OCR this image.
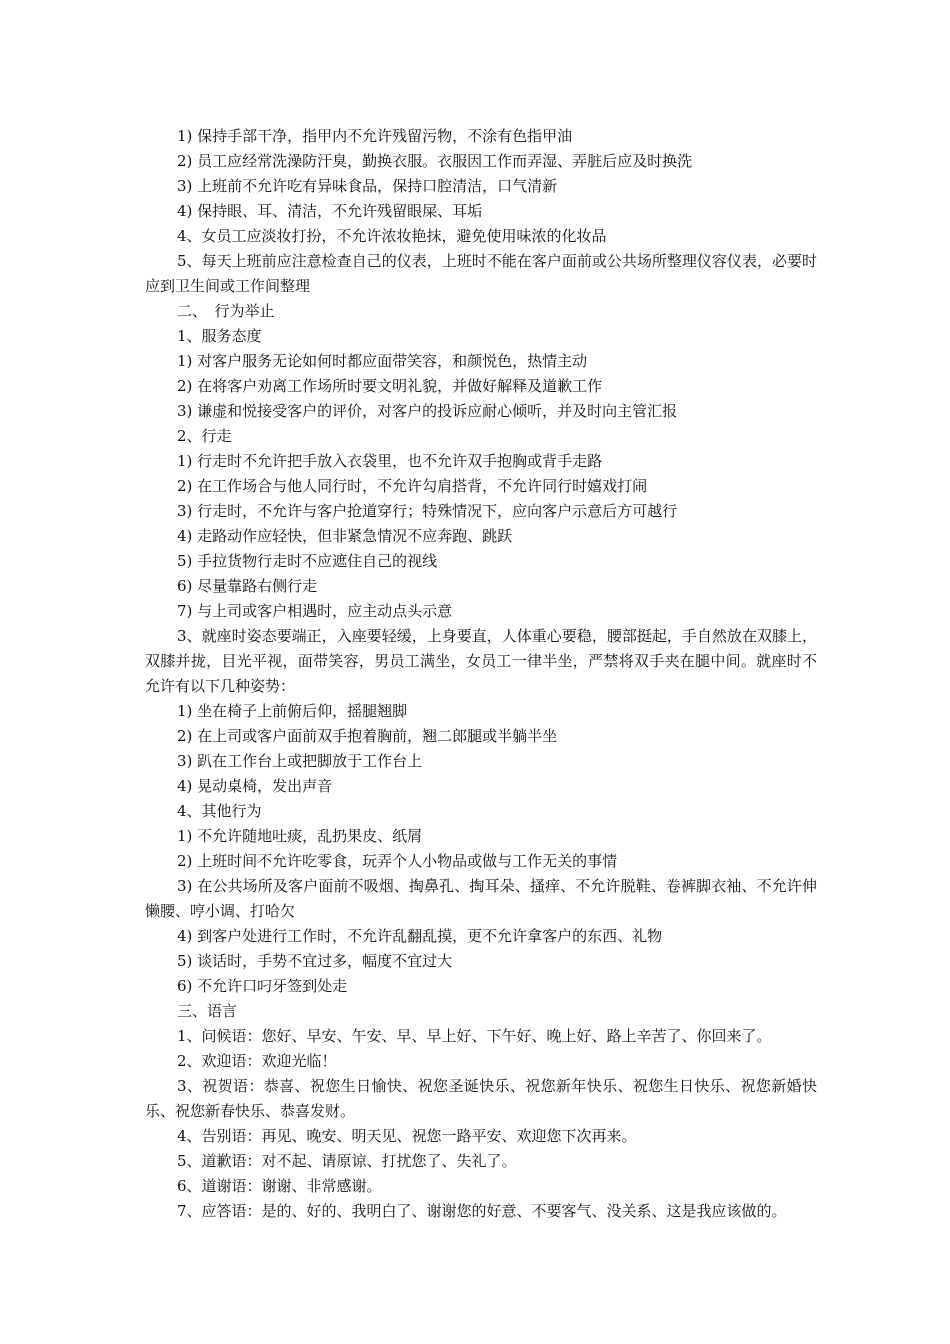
1) 保持手部干净，指甲内不允许残留污物，不涂有色指甲油

2) 员工应经常洗澡防汗臭，勤换衣服。衣服因工作而弄湿、弄脏后应及时换洗

3) 上班前不允许吃有异味食品，保持口腔清洁，口气清新

4) 保持眼、耳、清洁，不允许残留眼屎、耳垢

4、女员工应淡妆打扮，不允许浓妆艳抹，避免使用味浓的化妆品

5、每天上班前应注意检查自己的仪表，上班时不能在客户面前或公共场所整理仪容仪表，必要时应到卫生间或工作间整理

二、　行为举止

1、服务态度

1) 对客户服务无论如何时都应面带笑容，和颜悦色，热情主动

2) 在将客户劝离工作场所时要文明礼貌，并做好解释及道歉工作

3) 谦虚和悦接受客户的评价，对客户的投诉应耐心倾听，并及时向主管汇报

2、行走

1) 行走时不允许把手放入衣袋里，也不允许双手抱胸或背手走路

2) 在工作场合与他人同行时，不允许勾肩搭背，不允许同行时嬉戏打闹

3) 行走时，不允许与客户抢道穿行；特殊情况下，应向客户示意后方可越行

4) 走路动作应轻快，但非紧急情况不应奔跑、跳跃

5) 手拉货物行走时不应遮住自己的视线

6) 尽量靠路右侧行走

7) 与上司或客户相遇时，应主动点头示意

3、就座时姿态要端正，入座要轻缓，上身要直，人体重心要稳，腰部挺起，手自然放在双膝上，双膝并拢，目光平视，面带笑容，男员工满坐，女员工一律半坐，严禁将双手夹在腿中间。就座时不允许有以下几种姿势：

1) 坐在椅子上前俯后仰，摇腿翘脚

2) 在上司或客户面前双手抱着胸前，翘二郎腿或半躺半坐

3) 趴在工作台上或把脚放于工作台上

4) 晃动桌椅，发出声音

4、其他行为

1) 不允许随地吐痰，乱扔果皮、纸屑

2) 上班时间不允许吃零食，玩弄个人小物品或做与工作无关的事情

3) 在公共场所及客户面前不吸烟、掏鼻孔、掏耳朵、搔痒、不允许脱鞋、卷裤脚衣袖、不允许伸懒腰、哼小调、打哈欠

4) 到客户处进行工作时，不允许乱翻乱摸，更不允许拿客户的东西、礼物

5) 谈话时，手势不宜过多，幅度不宜过大

6) 不允许口叼牙签到处走

三、语言

1、问候语：您好、早安、午安、早、早上好、下午好、晚上好、路上辛苦了、你回来了。

2、欢迎语：欢迎光临！

3、祝贺语：恭喜、祝您生日愉快、祝您圣诞快乐、祝您新年快乐、祝您生日快乐、祝您新婚快乐、祝您新春快乐、恭喜发财。

4、告别语：再见、晚安、明天见、祝您一路平安、欢迎您下次再来。

5、道歉语：对不起、请原谅、打扰您了、失礼了。

6、道谢语：谢谢、非常感谢。

7、应答语：是的、好的、我明白了、谢谢您的好意、不要客气、没关系、这是我应该做的。
